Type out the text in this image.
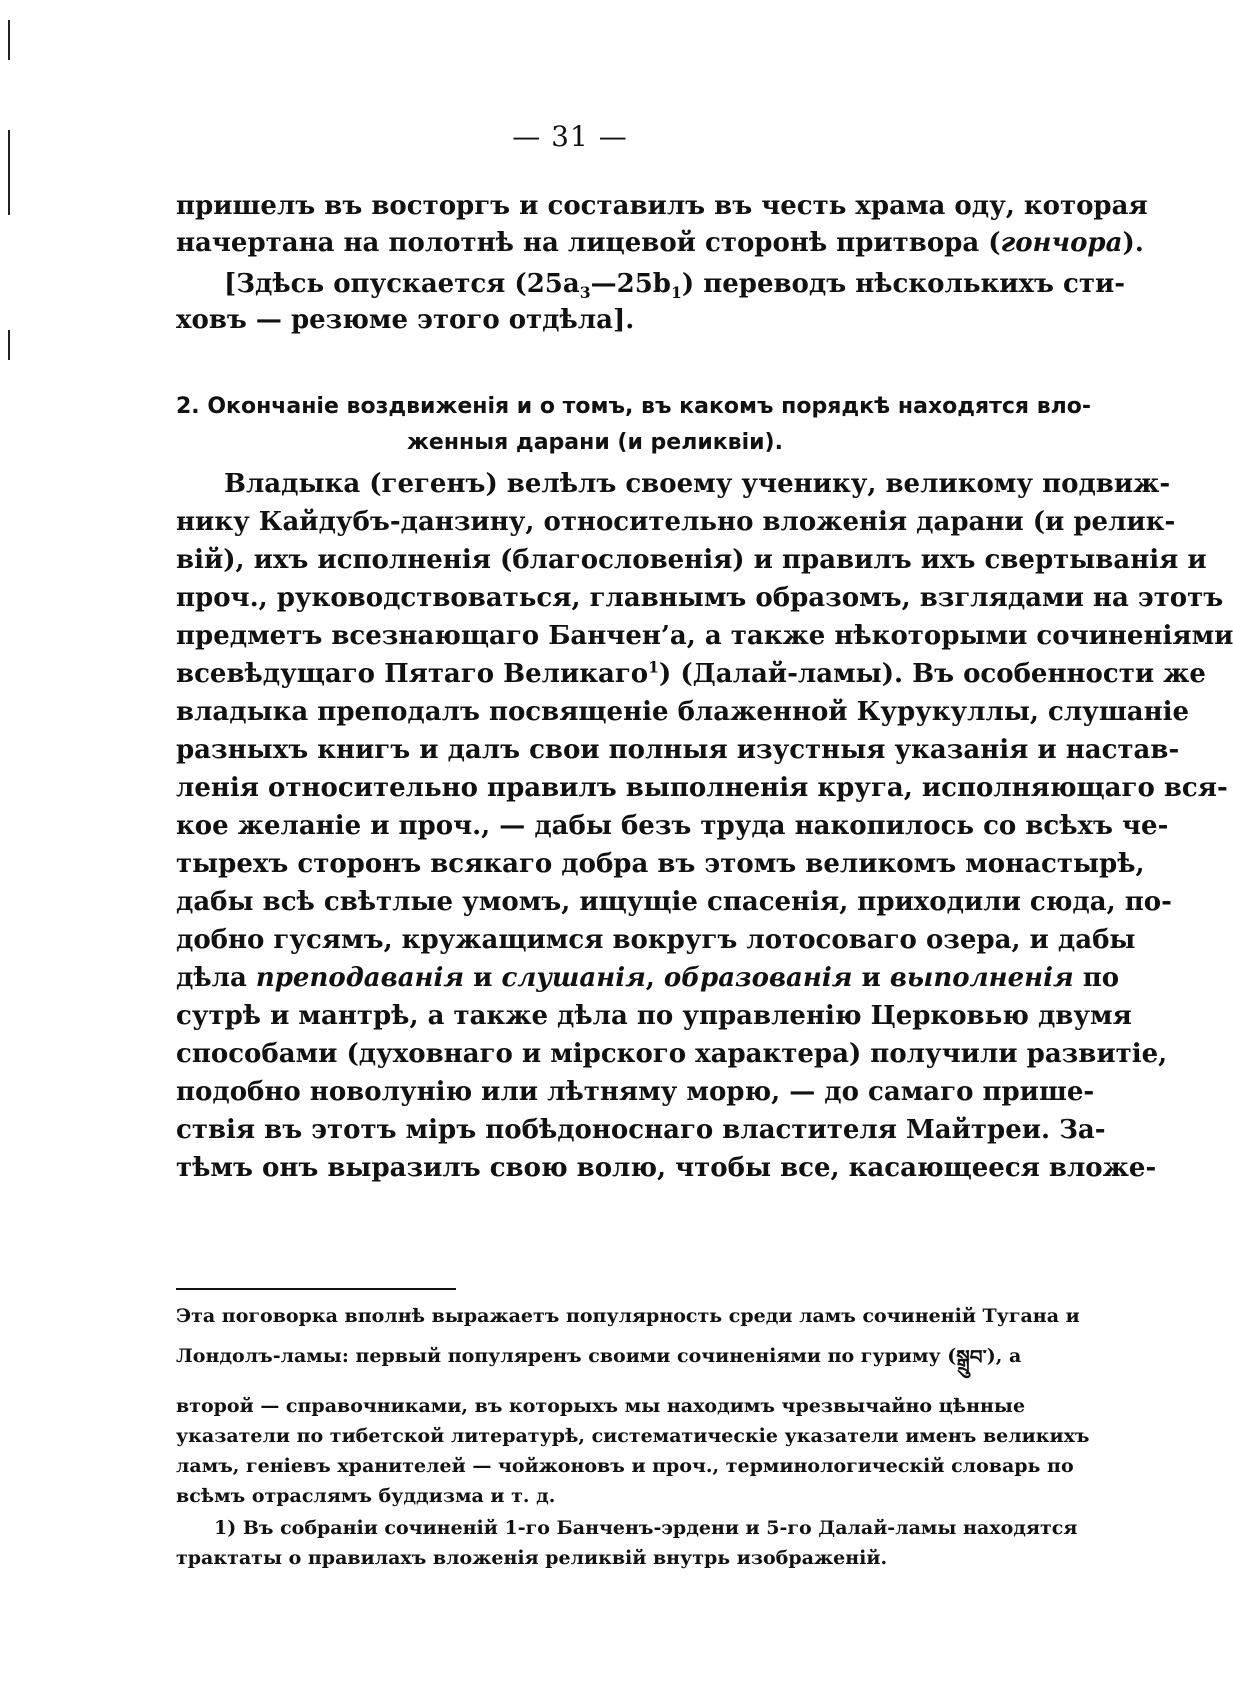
— 31 —
пришелъ въ восторгъ и составилъ въ честь храма оду, которая
начертана на полотнѣ на лицевой сторонѣ притвора (гончора).
[Здѣсь опускается $(25a_3—25b_1)$ переводъ нѣсколькихъ сти-
ховъ — резюме этого отдѣла].
2. Окончаніе воздвиженія и о томъ, въ какомъ порядкѣ находятся вло-
женныя дарани (и реликвіи).
Владыка (гегенъ) велѣлъ своему ученику, великому подвиж-
нику Кайдубъ-данзину, относительно вложенія дарани (и релик-
вій), ихъ исполненія (благословенія) и правилъ ихъ свертыванія и
проч., руководствоваться, главнымъ образомъ, взглядами на этотъ
предметъ всезнающаго Банчен’а, а также нѣкоторыми сочиненіями
всевѣдущаго Пятаго Великаго$^1$) (Далай-ламы). Въ особенности же
владыка преподалъ посвященіе блаженной Курукуллы, слушаніе
разныхъ книгъ и далъ свои полныя изустныя указанія и настав-
ленія относительно правилъ выполненія круга, исполняющаго вся-
кое желаніе и проч., — дабы безъ труда накопилось со всѣхъ че-
тырехъ сторонъ всякаго добра въ этомъ великомъ монастырѣ,
дабы всѣ свѣтлые умомъ, ищущіе спасенія, приходили сюда, по-
добно гусямъ, кружащимся вокругъ лотосоваго озера, и дабы
дѣла преподаванія и слушанія, образованія и выполненія по
сутрѣ и мантрѣ, а также дѣла по управленію Церковью двумя
способами (духовнаго и мірского характера) получили развитіе,
подобно новолунію или лѣтняму морю, — до самаго прише-
ствія въ этотъ міръ побѣдоноснаго властителя Майтреи. За-
тѣмъ онъ выразилъ свою волю, чтобы все, касающееся вложе-
Эта поговорка вполнѣ выражаетъ популярность среди ламъ сочиненій Тугана и
Лондолъ-ламы: первый популяренъ своими сочиненіями по гуриму (སྒྲུབ་), а
второй — справочниками, въ которыхъ мы находимъ чрезвычайно цѣнные
указатели по тибетской литературѣ, систематическіе указатели именъ великихъ
ламъ, геніевъ хранителей — чойжоновъ и проч., терминологическій словарь по
всѣмъ отраслямъ буддизма и т. д.
1) Въ собраніи сочиненій 1-го Банченъ-эрдени и 5-го Далай-ламы находятся
трактаты о правилахъ вложенія реликвій внутрь изображеній.
